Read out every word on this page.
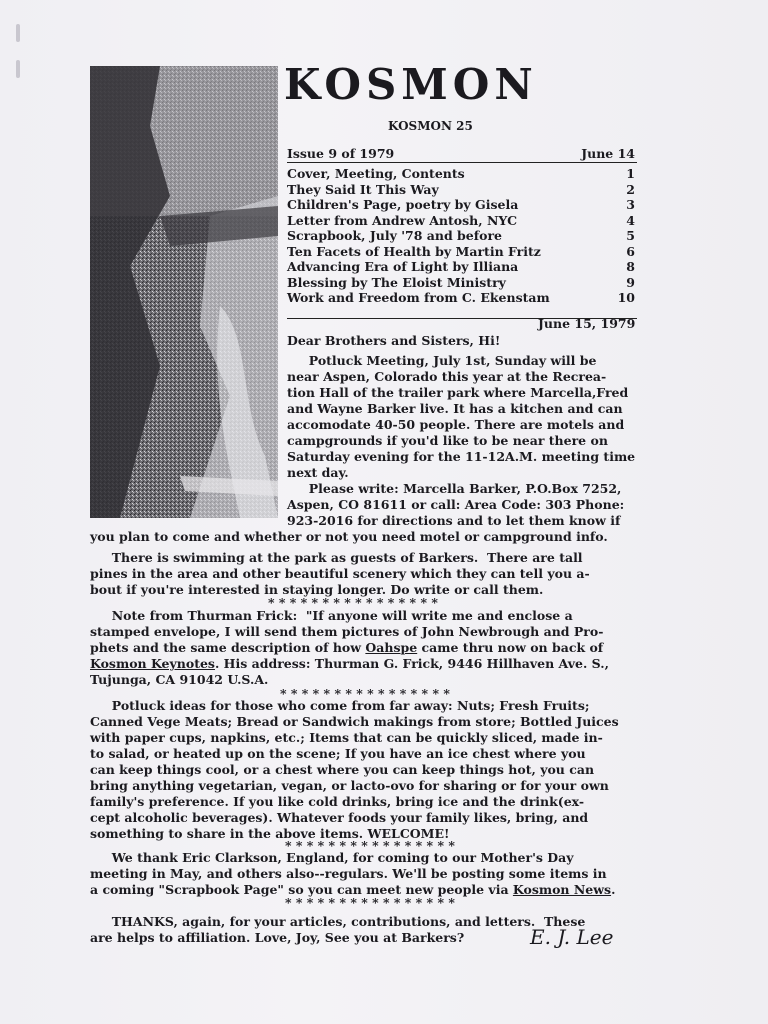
KOSMON
KOSMON 25
Issue 9 of 1979	June 14
Cover, Meeting, Contents	1
They Said It This Way	2
Children's Page, poetry by Gisela	3
Letter from Andrew Antosh, NYC	4
Scrapbook, July '78 and before	5
Ten Facets of Health by Martin Fritz	6
Advancing Era of Light by Illiana	8
Blessing by The Eloist Ministry	9
Work and Freedom from C. Ekenstam	10
June 15, 1979
Dear Brothers and Sisters, Hi!
Potluck Meeting, July 1st, Sunday will be
near Aspen, Colorado this year at the Recrea-
tion Hall of the trailer park where Marcella,Fred
and Wayne Barker live. It has a kitchen and can
accomodate 40-50 people. There are motels and
campgrounds if you'd like to be near there on
Saturday evening for the 11-12A.M. meeting time
next day.
Please write: Marcella Barker, P.O.Box 7252,
Aspen, CO 81611 or call: Area Code: 303 Phone:
923-2016 for directions and to let them know if
you plan to come and whether or not you need motel or campground info.
There is swimming at the park as guests of Barkers.  There are tall
pines in the area and other beautiful scenery which they can tell you a-
bout if you're interested in staying longer. Do write or call them.
* * * * * * * * * * * * * * * *
Note from Thurman Frick:  "If anyone will write me and enclose a
stamped envelope, I will send them pictures of John Newbrough and Pro-
phets and the same description of how Oahspe came thru now on back of
Kosmon Keynotes. His address: Thurman G. Frick, 9446 Hillhaven Ave. S.,
Tujunga, CA 91042 U.S.A.
* * * * * * * * * * * * * * * *
Potluck ideas for those who come from far away: Nuts; Fresh Fruits;
Canned Vege Meats; Bread or Sandwich makings from store; Bottled Juices
with paper cups, napkins, etc.; Items that can be quickly sliced, made in-
to salad, or heated up on the scene; If you have an ice chest where you
can keep things cool, or a chest where you can keep things hot, you can
bring anything vegetarian, vegan, or lacto-ovo for sharing or for your own
family's preference. If you like cold drinks, bring ice and the drink(ex-
cept alcoholic beverages). Whatever foods your family likes, bring, and
something to share in the above items. WELCOME!
* * * * * * * * * * * * * * * *
We thank Eric Clarkson, England, for coming to our Mother's Day
meeting in May, and others also--regulars. We'll be posting some items in
a coming "Scrapbook Page" so you can meet new people via Kosmon News.
* * * * * * * * * * * * * * * *
THANKS, again, for your articles, contributions, and letters.  These
are helps to affiliation. Love, Joy, See you at Barkers?	E. J. Lee
